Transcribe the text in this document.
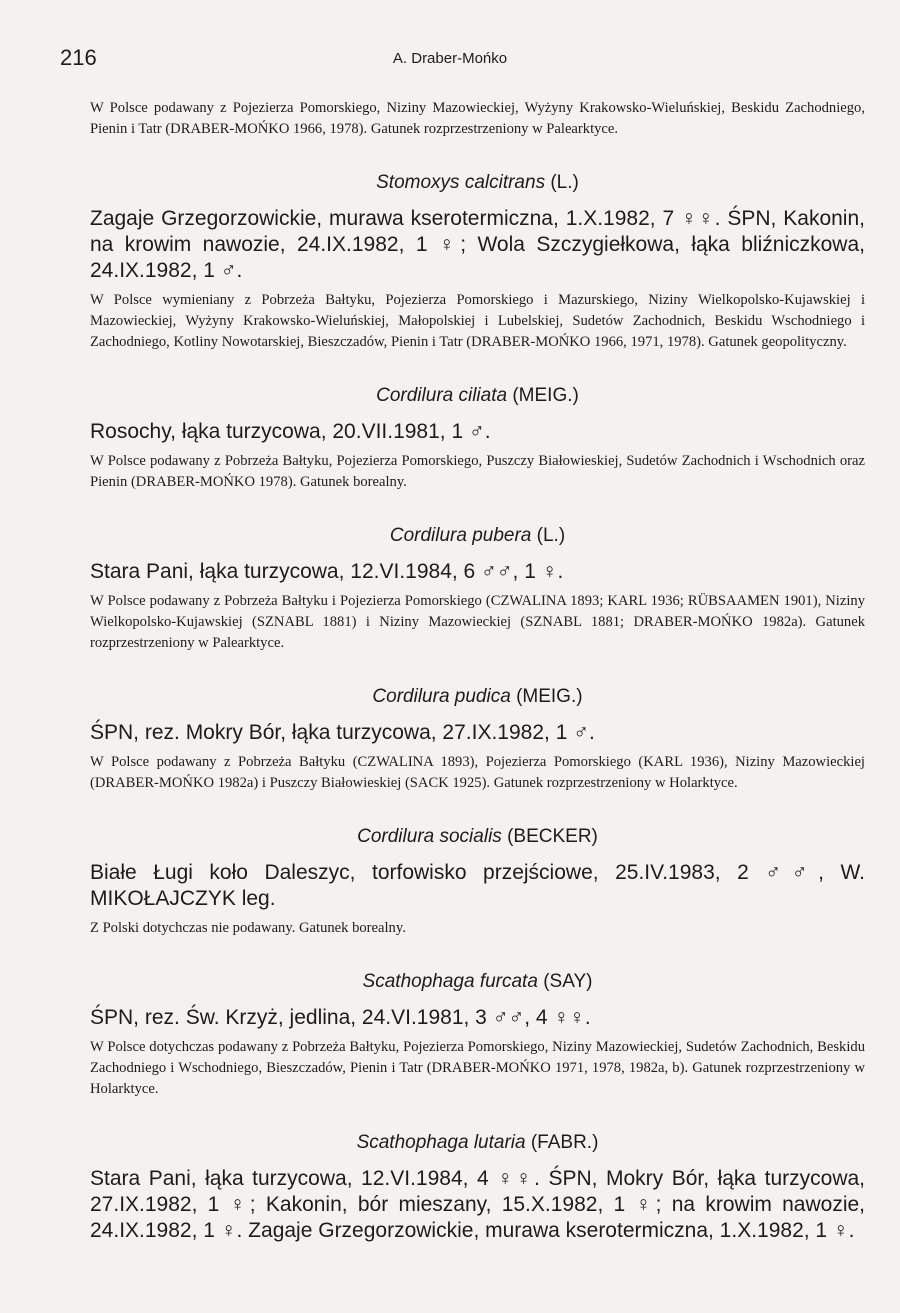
216	A. Draber-Mońko

W Polsce podawany z Pojezierza Pomorskiego, Niziny Mazowieckiej, Wyżyny Krakowsko-Wieluńskiej, Beskidu Zachodniego, Pienin i Tatr (DRABER-MOŃKO 1966, 1978). Gatunek rozprzestrzeniony w Palearktyce.

Stomoxys calcitrans (L.)

Zagaje Grzegorzowickie, murawa kserotermiczna, 1.X.1982, 7 ♀♀. ŚPN, Kakonin, na krowim nawozie, 24.IX.1982, 1 ♀; Wola Szczygiełkowa, łąka bliźniczkowa, 24.IX.1982, 1 ♂.

W Polsce wymieniany z Pobrzeża Bałtyku, Pojezierza Pomorskiego i Mazurskiego, Niziny Wielkopolsko-Kujawskiej i Mazowieckiej, Wyżyny Krakowsko-Wieluńskiej, Małopolskiej i Lubelskiej, Sudetów Zachodnich, Beskidu Wschodniego i Zachodniego, Kotliny Nowotarskiej, Bieszczadów, Pienin i Tatr (DRABER-MOŃKO 1966, 1971, 1978). Gatunek geopolityczny.

Cordilura ciliata (MEIG.)

Rosochy, łąka turzycowa, 20.VII.1981, 1 ♂.

W Polsce podawany z Pobrzeża Bałtyku, Pojezierza Pomorskiego, Puszczy Białowieskiej, Sudetów Zachodnich i Wschodnich oraz Pienin (DRABER-MOŃKO 1978). Gatunek borealny.

Cordilura pubera (L.)

Stara Pani, łąka turzycowa, 12.VI.1984, 6 ♂♂, 1 ♀.

W Polsce podawany z Pobrzeża Bałtyku i Pojezierza Pomorskiego (CZWALINA 1893; KARL 1936; RÜBSAAMEN 1901), Niziny Wielkopolsko-Kujawskiej (SZNABL 1881) i Niziny Mazowieckiej (SZNABL 1881; DRABER-MOŃKO 1982a). Gatunek rozprzestrzeniony w Palearktyce.

Cordilura pudica (MEIG.)

ŚPN, rez. Mokry Bór, łąka turzycowa, 27.IX.1982, 1 ♂.

W Polsce podawany z Pobrzeża Bałtyku (CZWALINA 1893), Pojezierza Pomorskiego (KARL 1936), Niziny Mazowieckiej (DRABER-MOŃKO 1982a) i Puszczy Białowieskiej (SACK 1925). Gatunek rozprzestrzeniony w Holarktyce.

Cordilura socialis (BECKER)

Białe Ługi koło Daleszyc, torfowisko przejściowe, 25.IV.1983, 2 ♂♂, W. MIKOŁAJCZYK leg.

Z Polski dotychczas nie podawany. Gatunek borealny.

Scathophaga furcata (SAY)

ŚPN, rez. Św. Krzyż, jedlina, 24.VI.1981, 3 ♂♂, 4 ♀♀.

W Polsce dotychczas podawany z Pobrzeża Bałtyku, Pojezierza Pomorskiego, Niziny Mazowieckiej, Sudetów Zachodnich, Beskidu Zachodniego i Wschodniego, Bieszczadów, Pienin i Tatr (DRABER-MOŃKO 1971, 1978, 1982a, b). Gatunek rozprzestrzeniony w Holarktyce.

Scathophaga lutaria (FABR.)

Stara Pani, łąka turzycowa, 12.VI.1984, 4 ♀♀. ŚPN, Mokry Bór, łąka turzycowa, 27.IX.1982, 1 ♀; Kakonin, bór mieszany, 15.X.1982, 1 ♀; na krowim nawozie, 24.IX.1982, 1 ♀. Zagaje Grzegorzowickie, murawa kserotermiczna, 1.X.1982, 1 ♀.
